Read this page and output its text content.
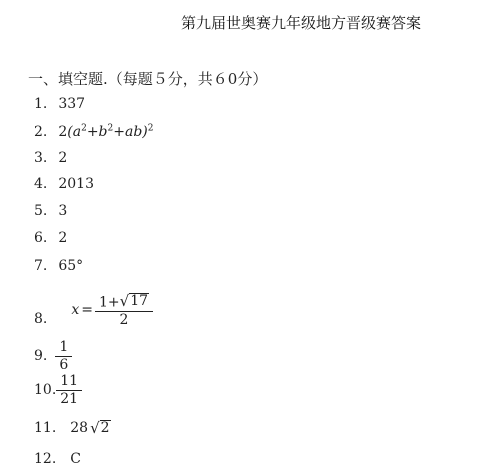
第九届世奥赛九年级地方晋级赛答案
一、填空题.（每题５分，共６0分）
1. 337
2. $2(a^2+b^2+ab)^2$
3. 2
4. 2013
5. 3
6. 2
7. 65°
8.
$x = \frac{1+ √ 17}{2}$
9. $\frac{1}{6}$
10. $\frac{11}{21}$
11. 28 √ 2
12. C
